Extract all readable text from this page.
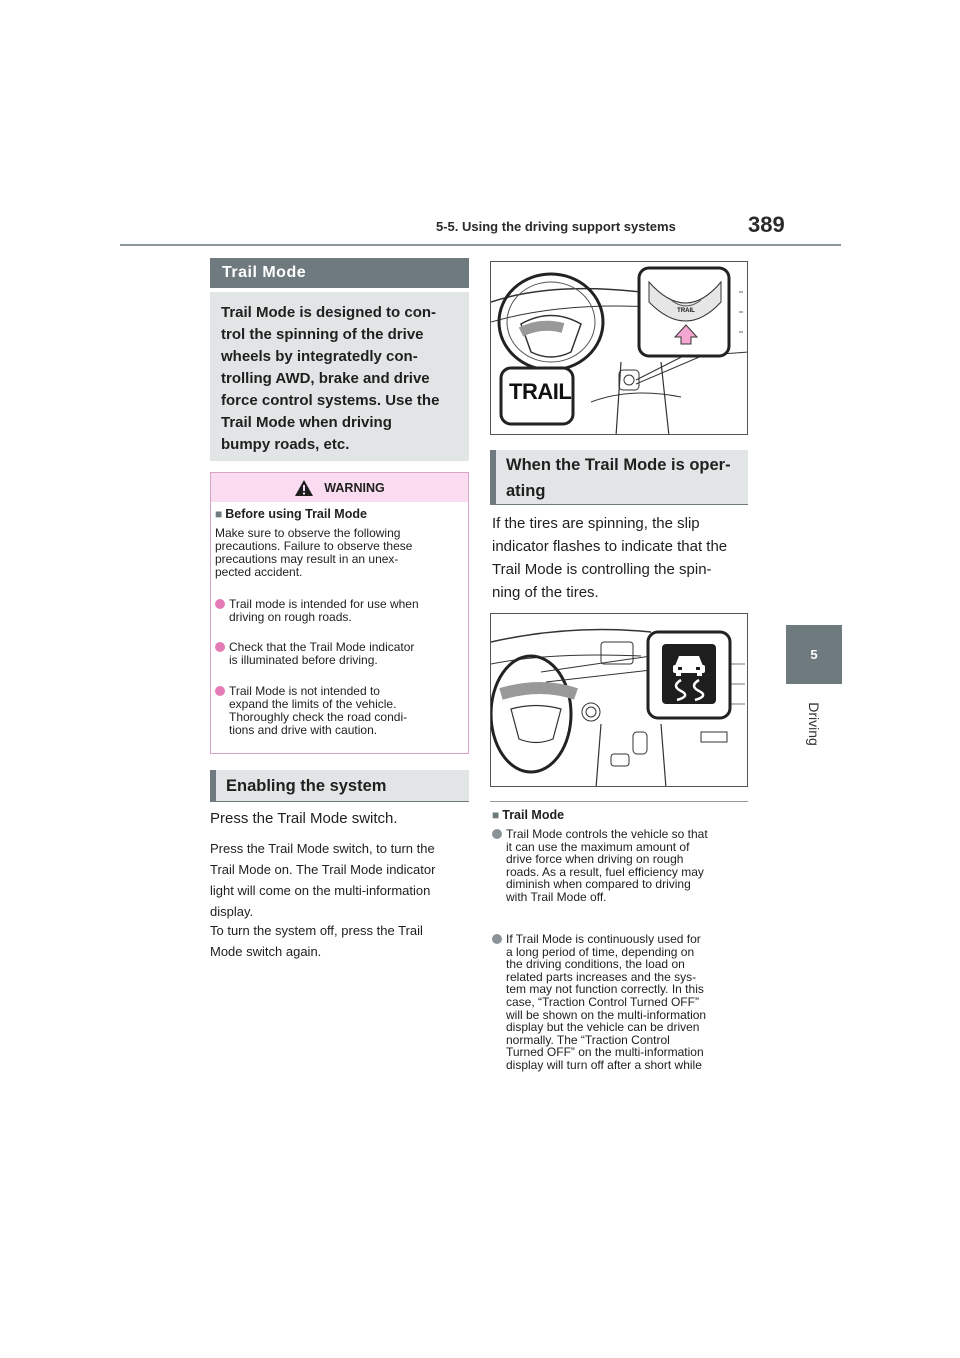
5-5. Using the driving support systems	389
5
Driving
Trail Mode
Trail Mode is designed to con-
trol the spinning of the drive
wheels by integratedly con-
trolling AWD, brake and drive
force control systems. Use the
Trail Mode when driving
bumpy roads, etc.
WARNING
■ Before using Trail Mode
Make sure to observe the following
precautions. Failure to observe these
precautions may result in an unex-
pected accident.
Trail mode is intended for use when
driving on rough roads.
Check that the Trail Mode indicator
is illuminated before driving.
Trail Mode is not intended to
expand the limits of the vehicle.
Thoroughly check the road condi-
tions and drive with caution.
Enabling the system
Press the Trail Mode switch.
Press the Trail Mode switch, to turn the
Trail Mode on. The Trail Mode indicator
light will come on the multi-information
display.
To turn the system off, press the Trail
Mode switch again.
TRAIL
TRAIL
When the Trail Mode is oper-
ating
If the tires are spinning, the slip
indicator flashes to indicate that the
Trail Mode is controlling the spin-
ning of the tires.
■ Trail Mode
Trail Mode controls the vehicle so that
it can use the maximum amount of
drive force when driving on rough
roads. As a result, fuel efficiency may
diminish when compared to driving
with Trail Mode off.
If Trail Mode is continuously used for
a long period of time, depending on
the driving conditions, the load on
related parts increases and the sys-
tem may not function correctly. In this
case, “Traction Control Turned OFF”
will be shown on the multi-information
display but the vehicle can be driven
normally. The “Traction Control
Turned OFF” on the multi-information
display will turn off after a short while
